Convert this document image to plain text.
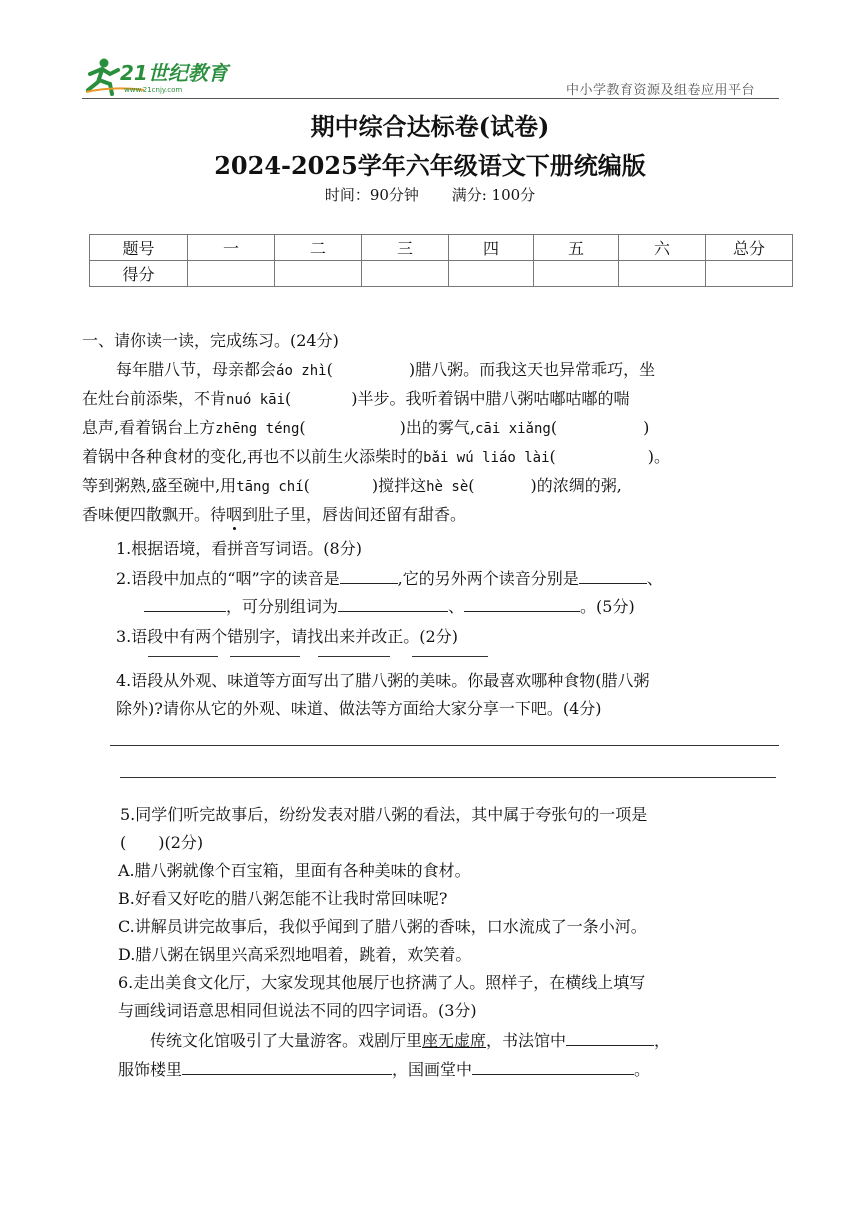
21世纪教育
www.21cnjy.com	中小学教育资源及组卷应用平台
期中综合达标卷(试卷)
2024-2025学年六年级语文下册统编版
时间：90分钟 满分: 100分
题号	一	二	三	四	五	六	总分
得分							
一、请你读一读，完成练习。(24分)
每年腊八节，母亲都会áo zhì(	)腊八粥。而我这天也异常乖巧，坐
在灶台前添柴，不肯nuó kāi(	)半步。我听着锅中腊八粥咕嘟咕嘟的喘
息声,看着锅台上方zhēng téng(	)出的雾气,cāi xiǎng(	)
着锅中各种食材的变化,再也不以前生火添柴时的bǎi wú liáo lài(	)。
等到粥熟,盛至碗中,用tāng chí(	)搅拌这hè sè(	)的浓绸的粥,
香味便四散飘开。待咽到肚子里，唇齿间还留有甜香。
1.根据语境，看拼音写词语。(8分)
2.语段中加点的“咽”字的读音是	,它的另外两个读音分别是	、
，可分别组词为	、	。(5分)
3.语段中有两个错别字，请找出来并改正。(2分)
4.语段从外观、味道等方面写出了腊八粥的美味。你最喜欢哪种食物(腊八粥
除外)?请你从它的外观、味道、做法等方面给大家分享一下吧。(4分)
5.同学们听完故事后，纷纷发表对腊八粥的看法，其中属于夸张句的一项是
(　　)(2分)
A.腊八粥就像个百宝箱，里面有各种美味的食材。
B.好看又好吃的腊八粥怎能不让我时常回味呢?
C.讲解员讲完故事后，我似乎闻到了腊八粥的香味，口水流成了一条小河。
D.腊八粥在锅里兴高采烈地唱着，跳着，欢笑着。
6.走出美食文化厅，大家发现其他展厅也挤满了人。照样子，在横线上填写
与画线词语意思相同但说法不同的四字词语。(3分)
传统文化馆吸引了大量游客。戏剧厅里座无虚席，书法馆中	，
服饰楼里	，国画堂中	。
